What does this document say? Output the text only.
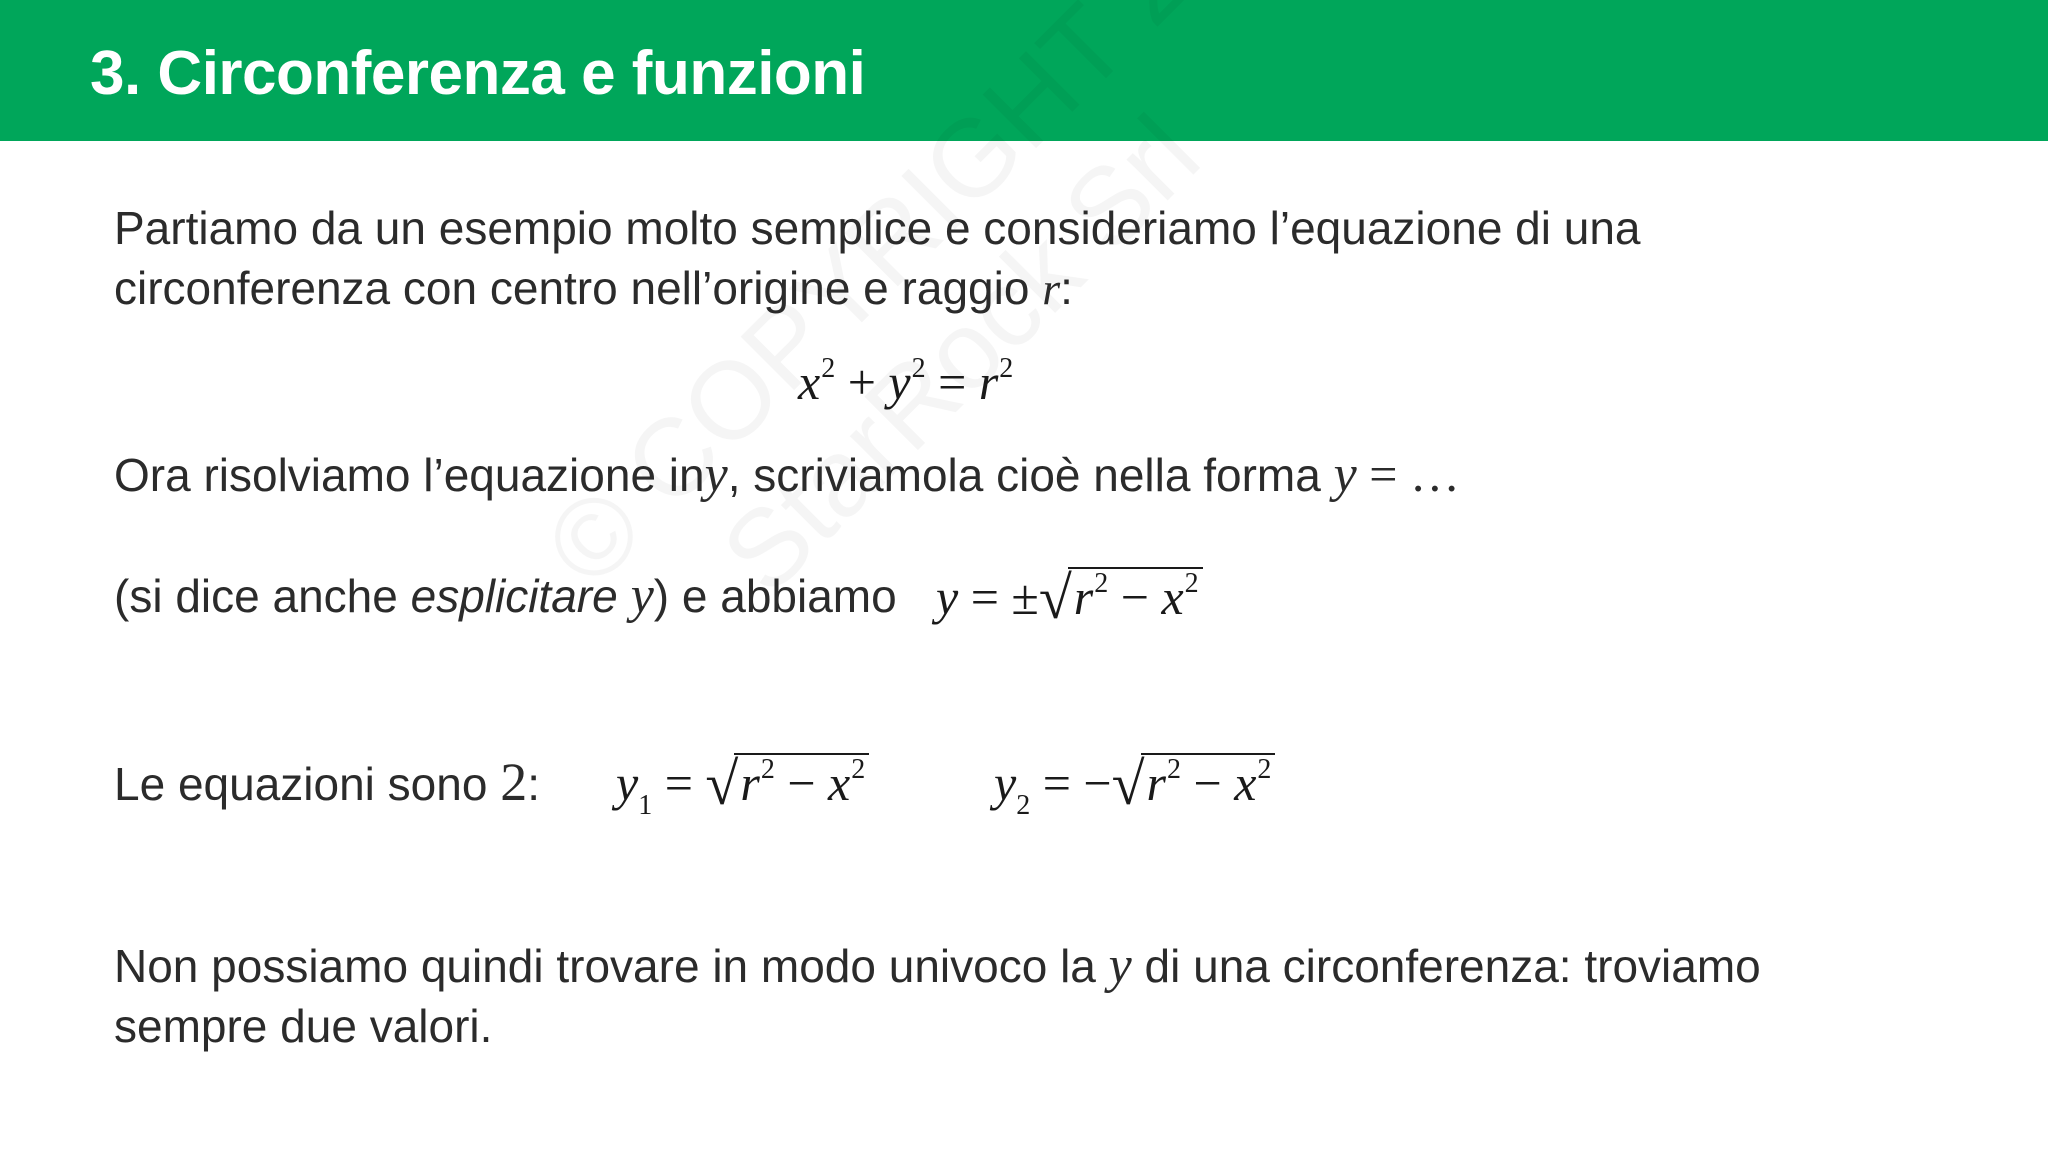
3. Circonferenza e funzioni
Partiamo da un esempio molto semplice e consideriamo l’equazione di una
circonferenza con centro nell’origine e raggio r:
$x^2 + y^2 = r^2$
Ora risolviamo l’equazione iny, scriviamola cioè nella forma y = …
(si dice anche esplicitare y) e abbiamo $y = \pm√r^2 - x^2$
Le equazioni sono 2: $y_1 = √r^2 - x^2$	$y_2 = -√r^2 - x^2$
Non possiamo quindi trovare in modo univoco la y di una circonferenza: troviamo
sempre due valori.
